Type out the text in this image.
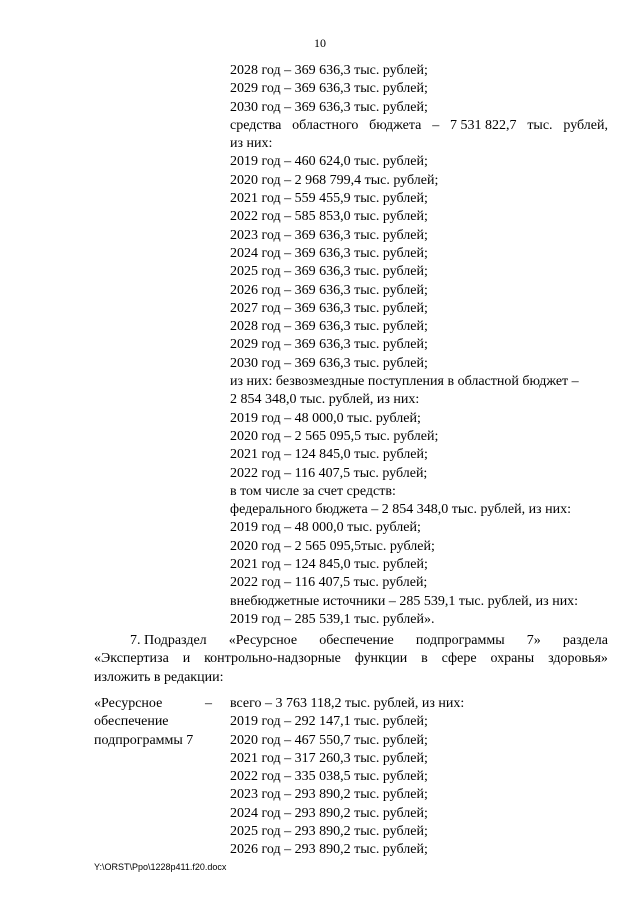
10
2028 год – 369 636,3 тыс. рублей;
2029 год – 369 636,3 тыс. рублей;
2030 год – 369 636,3 тыс. рублей;
средства областного бюджета – 7 531 822,7 тыс. рублей,
из них:
2019 год – 460 624,0 тыс. рублей;
2020 год – 2 968 799,4 тыс. рублей;
2021 год – 559 455,9 тыс. рублей;
2022 год – 585 853,0 тыс. рублей;
2023 год – 369 636,3 тыс. рублей;
2024 год – 369 636,3 тыс. рублей;
2025 год – 369 636,3 тыс. рублей;
2026 год – 369 636,3 тыс. рублей;
2027 год – 369 636,3 тыс. рублей;
2028 год – 369 636,3 тыс. рублей;
2029 год – 369 636,3 тыс. рублей;
2030 год – 369 636,3 тыс. рублей;
из них: безвозмездные поступления в областной бюджет –
2 854 348,0 тыс. рублей, из них:
2019 год – 48 000,0 тыс. рублей;
2020 год – 2 565 095,5 тыс. рублей;
2021 год – 124 845,0 тыс. рублей;
2022 год – 116 407,5 тыс. рублей;
в том числе за счет средств:
федерального бюджета – 2 854 348,0 тыс. рублей, из них:
2019 год – 48 000,0 тыс. рублей;
2020 год – 2 565 095,5тыс. рублей;
2021 год – 124 845,0 тыс. рублей;
2022 год – 116 407,5 тыс. рублей;
внебюджетные источники – 285 539,1 тыс. рублей, из них:
2019 год – 285 539,1 тыс. рублей».
7. Подраздел «Ресурсное обеспечение подпрограммы 7» раздела
«Экспертиза и контрольно-надзорные функции в сфере охраны здоровья»
изложить в редакции:
«Ресурсное
обеспечение
подпрограммы 7
– всего – 3 763 118,2 тыс. рублей, из них:
2019 год – 292 147,1 тыс. рублей;
2020 год – 467 550,7 тыс. рублей;
2021 год – 317 260,3 тыс. рублей;
2022 год – 335 038,5 тыс. рублей;
2023 год – 293 890,2 тыс. рублей;
2024 год – 293 890,2 тыс. рублей;
2025 год – 293 890,2 тыс. рублей;
2026 год – 293 890,2 тыс. рублей;
Y:\ORST\Ppo\1228p411.f20.docx
